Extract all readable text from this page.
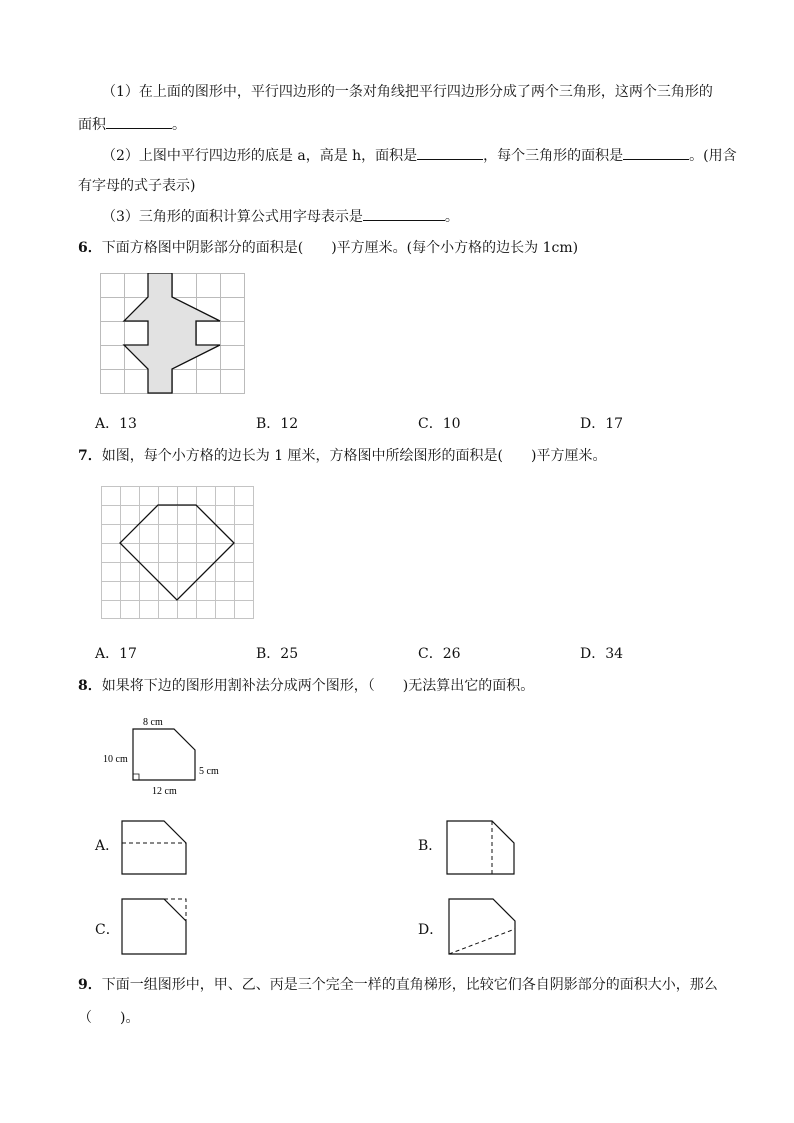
（1）在上面的图形中，平行四边形的一条对角线把平行四边形分成了两个三角形，这两个三角形的
面积	。
（2）上图中平行四边形的底是 a，高是 h，面积是	，每个三角形的面积是	。(用含
有字母的式子表示)
（3）三角形的面积计算公式用字母表示是	。
6．下面方格图中阴影部分的面积是(　　)平方厘米。(每个小方格的边长为 1cm)
A．13	B．12	C．10	D．17
7．如图，每个小方格的边长为 1 厘米，方格图中所绘图形的面积是(　　)平方厘米。
A．17	B．25	C．26	D．34
8．如果将下边的图形用割补法分成两个图形，（　　)无法算出它的面积。
8 cm
10 cm
5 cm
12 cm
A．	B．
C．	D．
9．下面一组图形中，甲、乙、丙是三个完全一样的直角梯形，比较它们各自阴影部分的面积大小，那么
（　　)。
